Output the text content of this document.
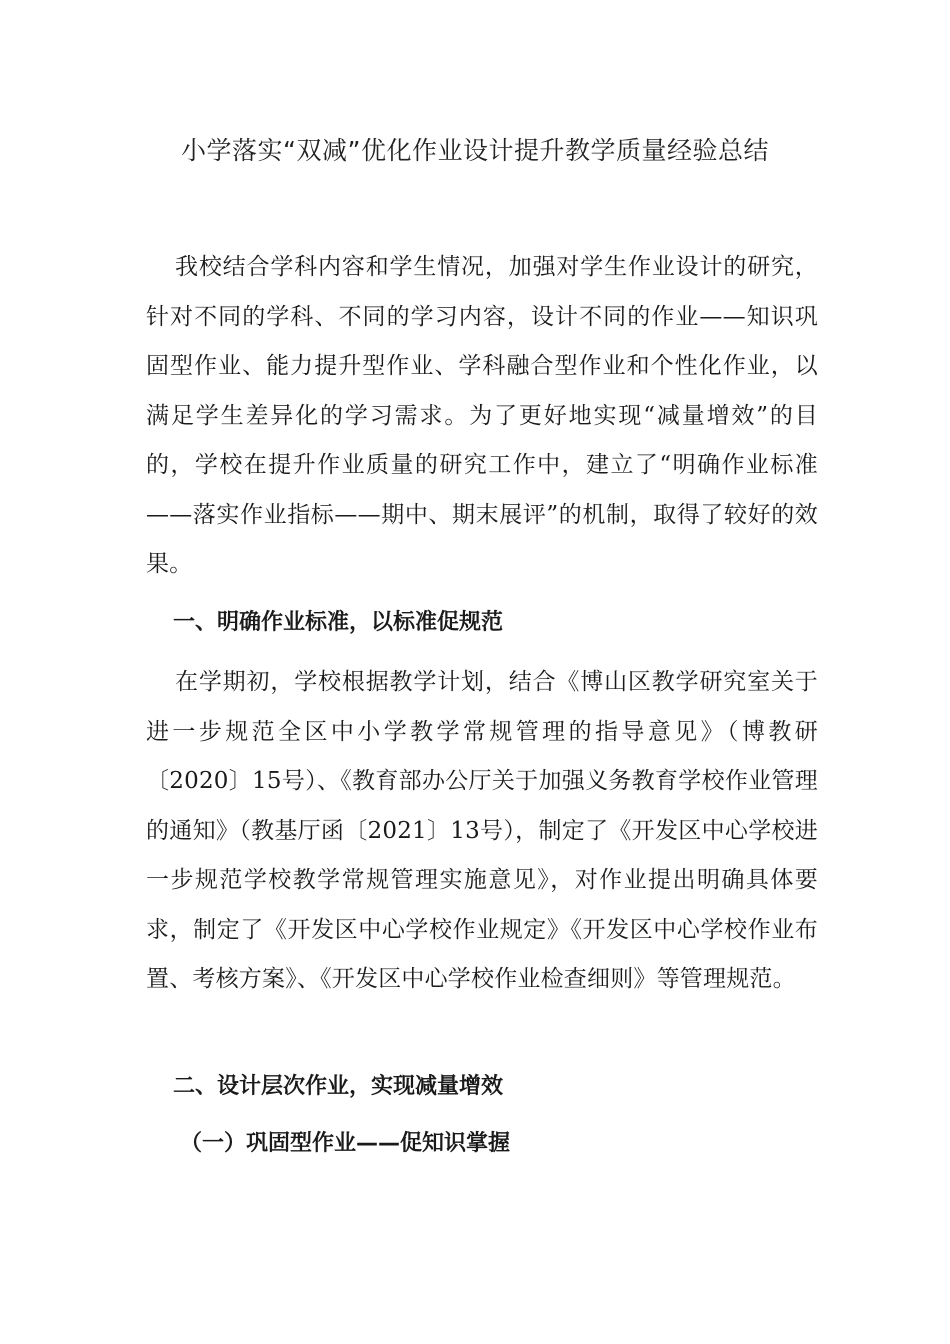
小学落实“双减”优化作业设计提升教学质量经验总结

我校结合学科内容和学生情况，加强对学生作业设计的研究，针对不同的学科、不同的学习内容，设计不同的作业——知识巩固型作业、能力提升型作业、学科融合型作业和个性化作业，以满足学生差异化的学习需求。为了更好地实现“减量增效”的目的，学校在提升作业质量的研究工作中，建立了“明确作业标准——落实作业指标——期中、期末展评”的机制，取得了较好的效果。

一、明确作业标准，以标准促规范

在学期初，学校根据教学计划，结合《博山区教学研究室关于进一步规范全区中小学教学常规管理的指导意见》（博教研〔2020〕15号）、《教育部办公厅关于加强义务教育学校作业管理的通知》（教基厅函〔2021〕13号），制定了《开发区中心学校进一步规范学校教学常规管理实施意见》，对作业提出明确具体要求，制定了《开发区中心学校作业规定》《开发区中心学校作业布置、考核方案》、《开发区中心学校作业检查细则》等管理规范。

二、设计层次作业，实现减量增效
（一）巩固型作业——促知识掌握
